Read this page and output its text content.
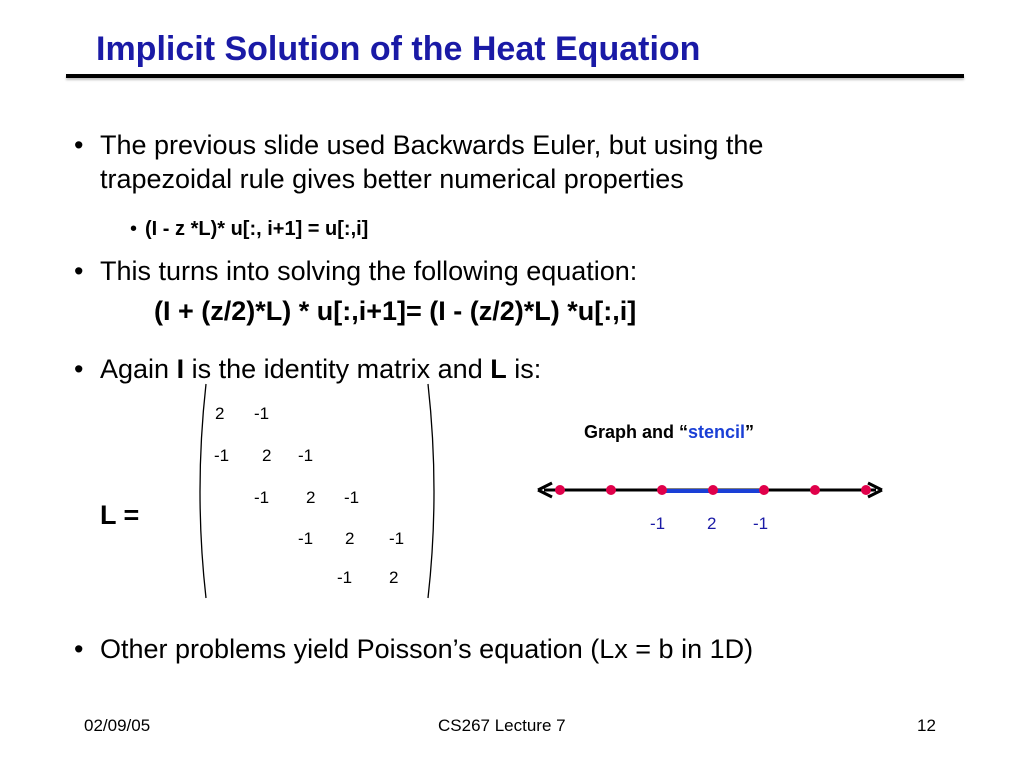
Implicit Solution of the Heat Equation
• The previous slide used Backwards Euler, but using the
trapezoidal rule gives better numerical properties
• (I - z *L)* u[:, i+1] = u[:,i]
• This turns into solving the following equation:
(I + (z/2)*L) * u[:,i+1]= (I - (z/2)*L) *u[:,i]
• Again I is the identity matrix and L is:
L =
2 -1
-1 2 -1
-1 2 -1
-1 2 -1
-1 2
Graph and “stencil”
-1 2 -1
• Other problems yield Poisson’s equation (Lx = b in 1D)
02/09/05	CS267 Lecture 7	12
